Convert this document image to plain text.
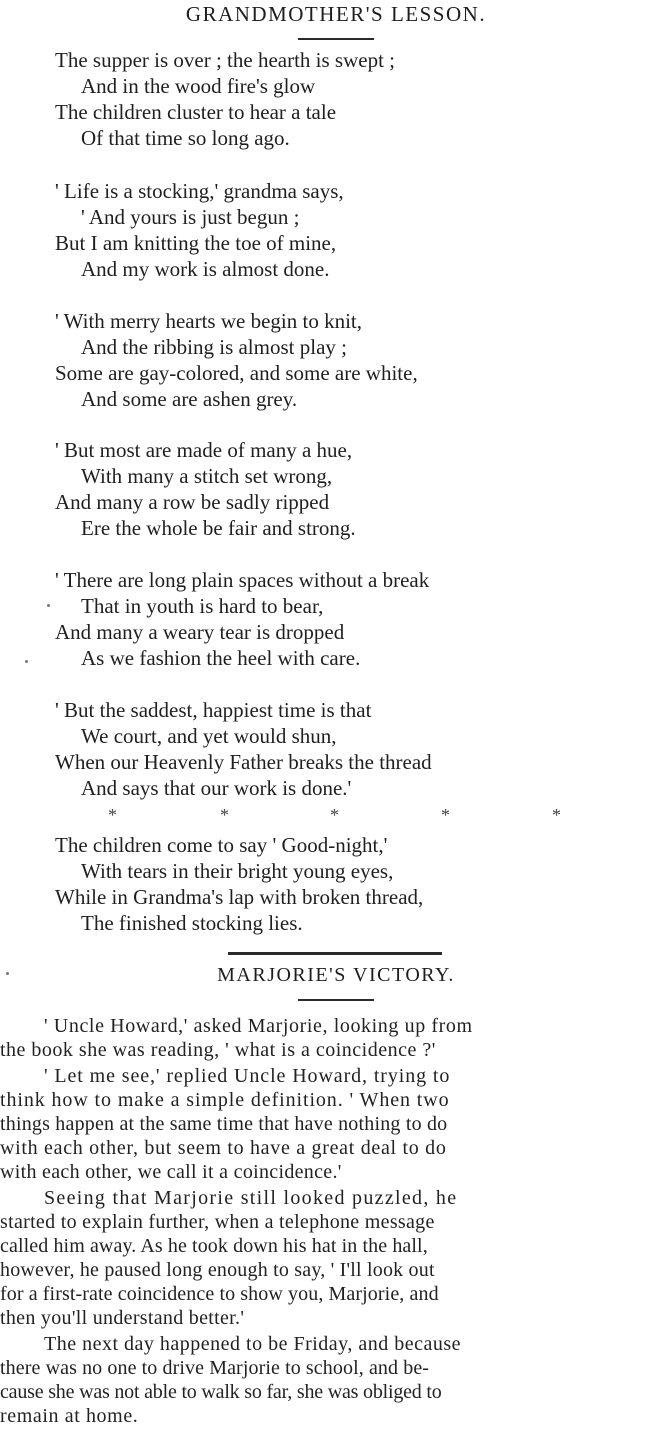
GRANDMOTHER'S LESSON.
The supper is over ; the hearth is swept ;
And in the wood fire's glow
The children cluster to hear a tale
Of that time so long ago.
' Life is a stocking,' grandma says,
' And yours is just begun ;
But I am knitting the toe of mine,
And my work is almost done.
' With merry hearts we begin to knit,
And the ribbing is almost play ;
Some are gay-colored, and some are white,
And some are ashen grey.
' But most are made of many a hue,
With many a stitch set wrong,
And many a row be sadly ripped
Ere the whole be fair and strong.
' There are long plain spaces without a break
That in youth is hard to bear,
And many a weary tear is dropped
As we fashion the heel with care.
' But the saddest, happiest time is that
We court, and yet would shun,
When our Heavenly Father breaks the thread
And says that our work is done.'
*	*	*	*	*
The children come to say ' Good-night,'
With tears in their bright young eyes,
While in Grandma's lap with broken thread,
The finished stocking lies.
MARJORIE'S VICTORY.
' Uncle Howard,' asked Marjorie, looking up from
the book she was reading, ' what is a coincidence ?'
' Let me see,' replied Uncle Howard, trying to
think how to make a simple definition. ' When two
things happen at the same time that have nothing to do
with each other, but seem to have a great deal to do
with each other, we call it a coincidence.'
Seeing that Marjorie still looked puzzled, he
started to explain further, when a telephone message
called him away. As he took down his hat in the hall,
however, he paused long enough to say, ' I'll look out
for a first-rate coincidence to show you, Marjorie, and
then you'll understand better.'
The next day happened to be Friday, and because
there was no one to drive Marjorie to school, and be-
cause she was not able to walk so far, she was obliged to
remain at home.
